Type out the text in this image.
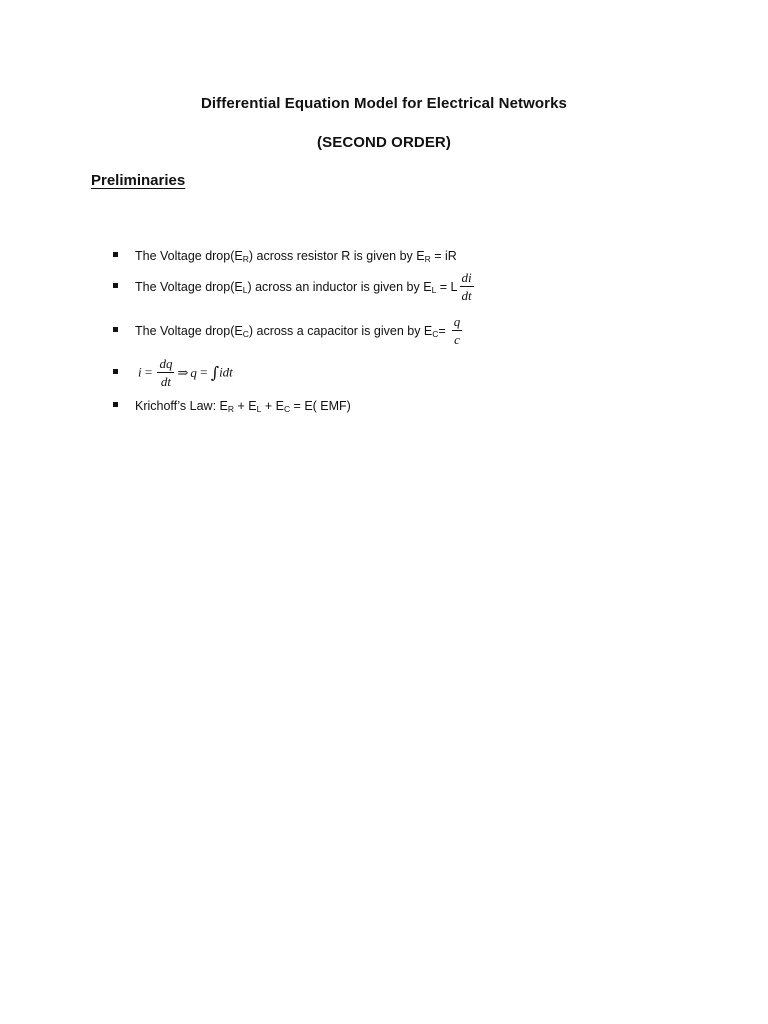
Differential Equation Model for Electrical Networks
(SECOND ORDER)
Preliminaries
The Voltage $drop(E_R)$ across resistor R is given by $E_R$ = iR
The Voltage $drop(E_L)$ across an inductor is given by $E_L = L \frac{di}{dt}$
The Voltage $drop(E_C)$ across a capacitor is given by $E_C= \frac{q}{c}$
$i = \frac{dq}{dt}$ ⇒ q = ∫idt
Krichoff’s Law: $E_R + E_L + E_C = E$( EMF)
